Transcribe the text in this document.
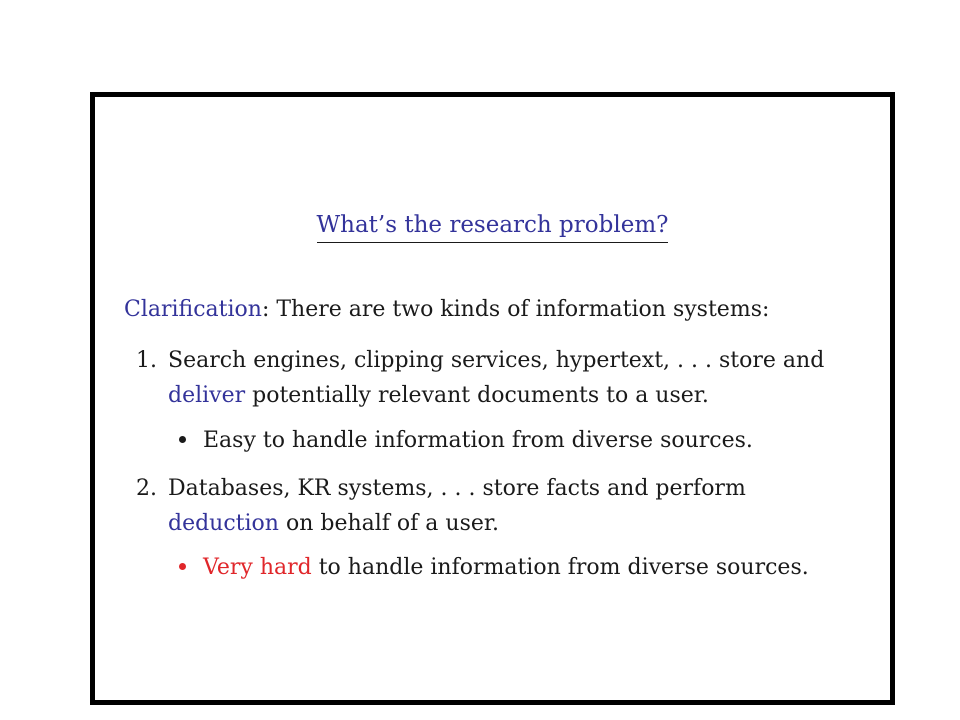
What’s the research problem?
Clarification: There are two kinds of information systems:
1. Search engines, clipping services, hypertext, . . . store and
deliver potentially relevant documents to a user.
Easy to handle information from diverse sources.
2. Databases, KR systems, . . . store facts and perform
deduction on behalf of a user.
Very hard to handle information from diverse sources.
